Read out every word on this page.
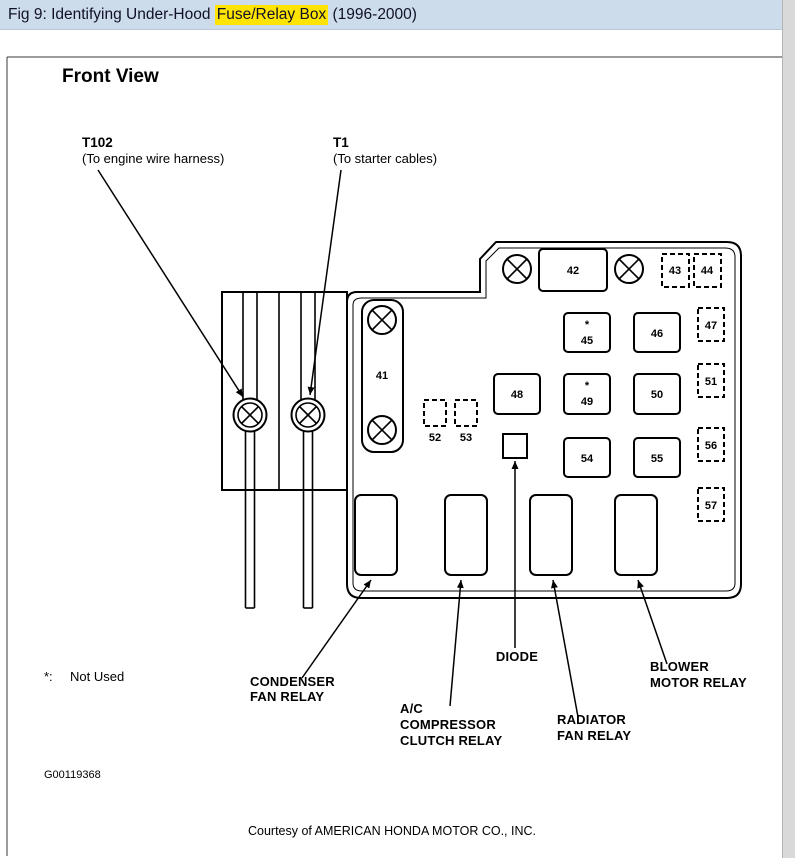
Fig 9: Identifying Under-Hood Fuse/Relay Box (1996-2000)
Front View
T102
(To engine wire harness)
T1
(To starter cables)
41
42	43 44
*
45
46
47
48
*
49
50
51
52 53
54	55
56
57
DIODE
CONDENSER
FAN RELAY
A/C
COMPRESSOR
CLUTCH RELAY
RADIATOR
FAN RELAY
BLOWER
MOTOR RELAY
*: Not Used
G00119368
Courtesy of AMERICAN HONDA MOTOR CO., INC.
